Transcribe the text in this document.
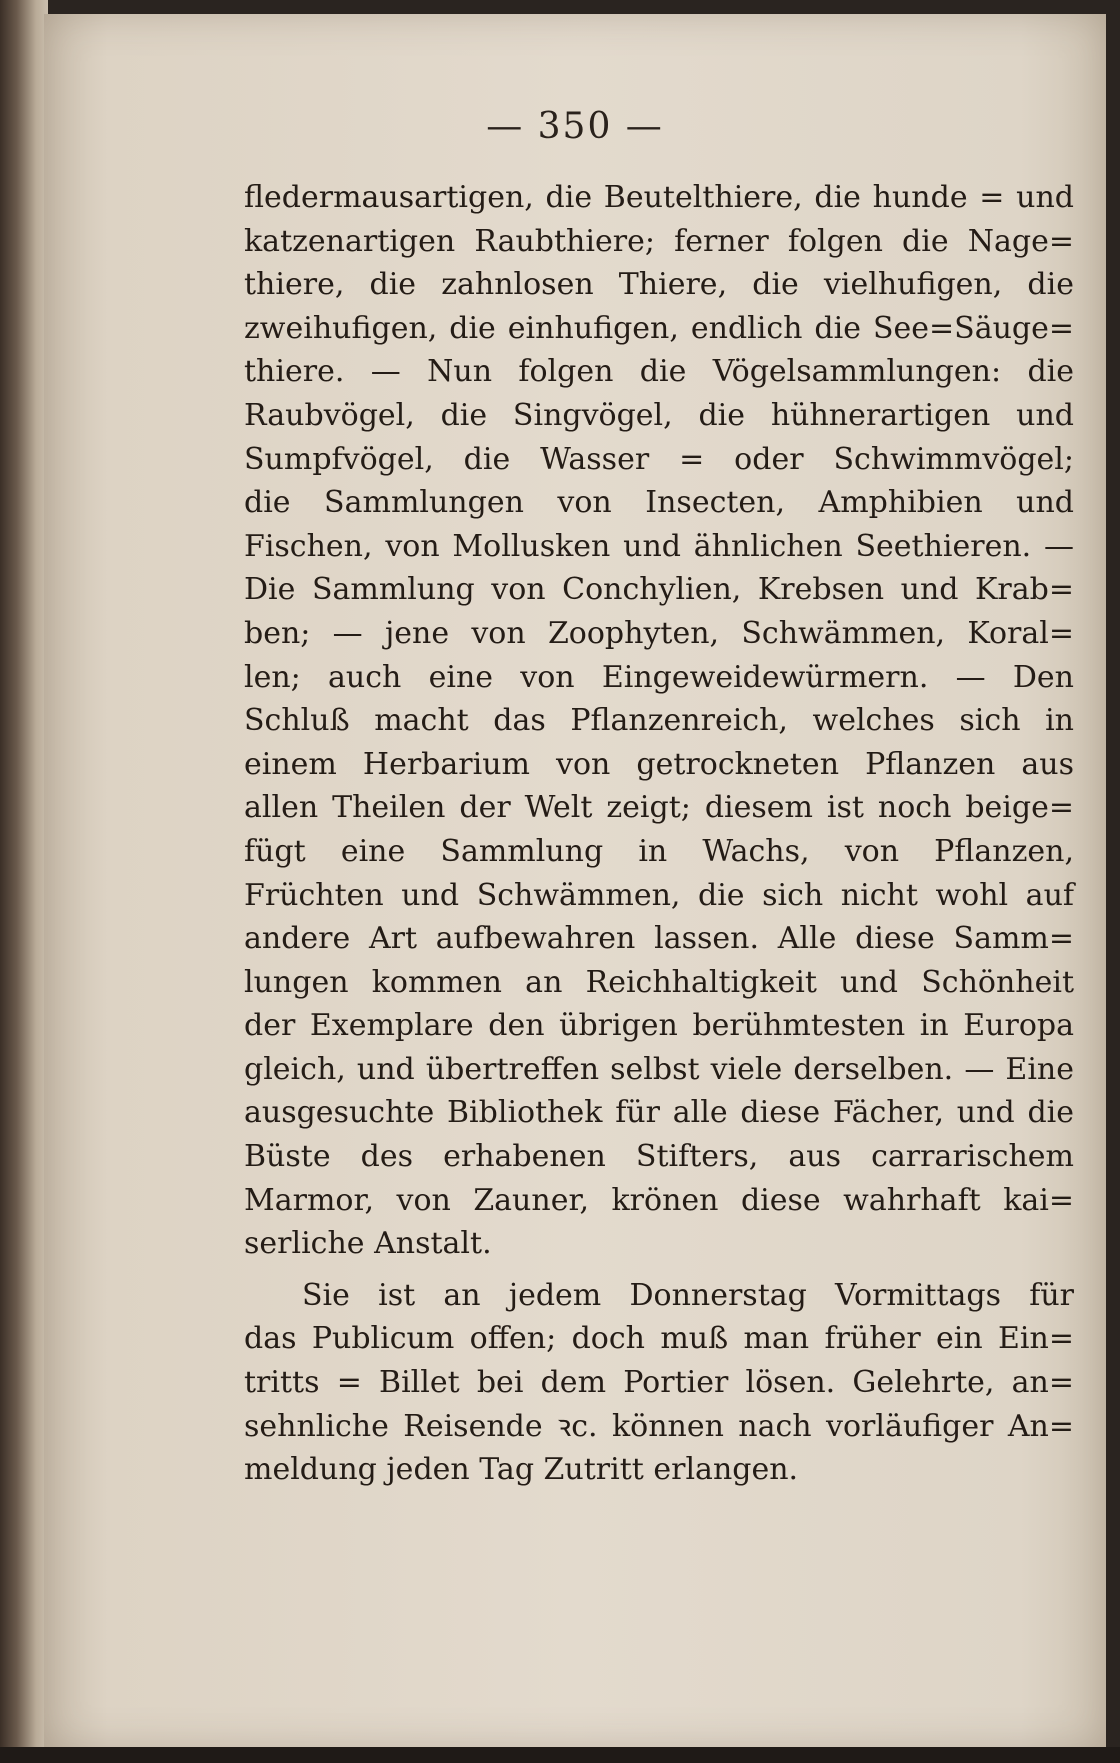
— 350 —
fledermausartigen, die Beutelthiere, die hunde = und
katzenartigen Raubthiere; ferner folgen die Nage=
thiere, die zahnlosen Thiere, die vielhufigen, die
zweihufigen, die einhufigen, endlich die See=Säuge=
thiere. — Nun folgen die Vögelsammlungen: die
Raubvögel, die Singvögel, die hühnerartigen und
Sumpfvögel, die Wasser = oder Schwimmvögel;
die Sammlungen von Insecten, Amphibien und
Fischen, von Mollusken und ähnlichen Seethieren. —
Die Sammlung von Conchylien, Krebsen und Krab=
ben; — jene von Zoophyten, Schwämmen, Koral=
len; auch eine von Eingeweidewürmern. — Den
Schluß macht das Pflanzenreich, welches sich in
einem Herbarium von getrockneten Pflanzen aus
allen Theilen der Welt zeigt; diesem ist noch beige=
fügt eine Sammlung in Wachs, von Pflanzen,
Früchten und Schwämmen, die sich nicht wohl auf
andere Art aufbewahren lassen. Alle diese Samm=
lungen kommen an Reichhaltigkeit und Schönheit
der Exemplare den übrigen berühmtesten in Europa
gleich, und übertreffen selbst viele derselben. — Eine
ausgesuchte Bibliothek für alle diese Fächer, und die
Büste des erhabenen Stifters, aus carrarischem
Marmor, von Zauner, krönen diese wahrhaft kai=
serliche Anstalt.
Sie ist an jedem Donnerstag Vormittags für
das Publicum offen; doch muß man früher ein Ein=
tritts = Billet bei dem Portier lösen. Gelehrte, an=
sehnliche Reisende ꝛc. können nach vorläufiger An=
meldung jeden Tag Zutritt erlangen.
